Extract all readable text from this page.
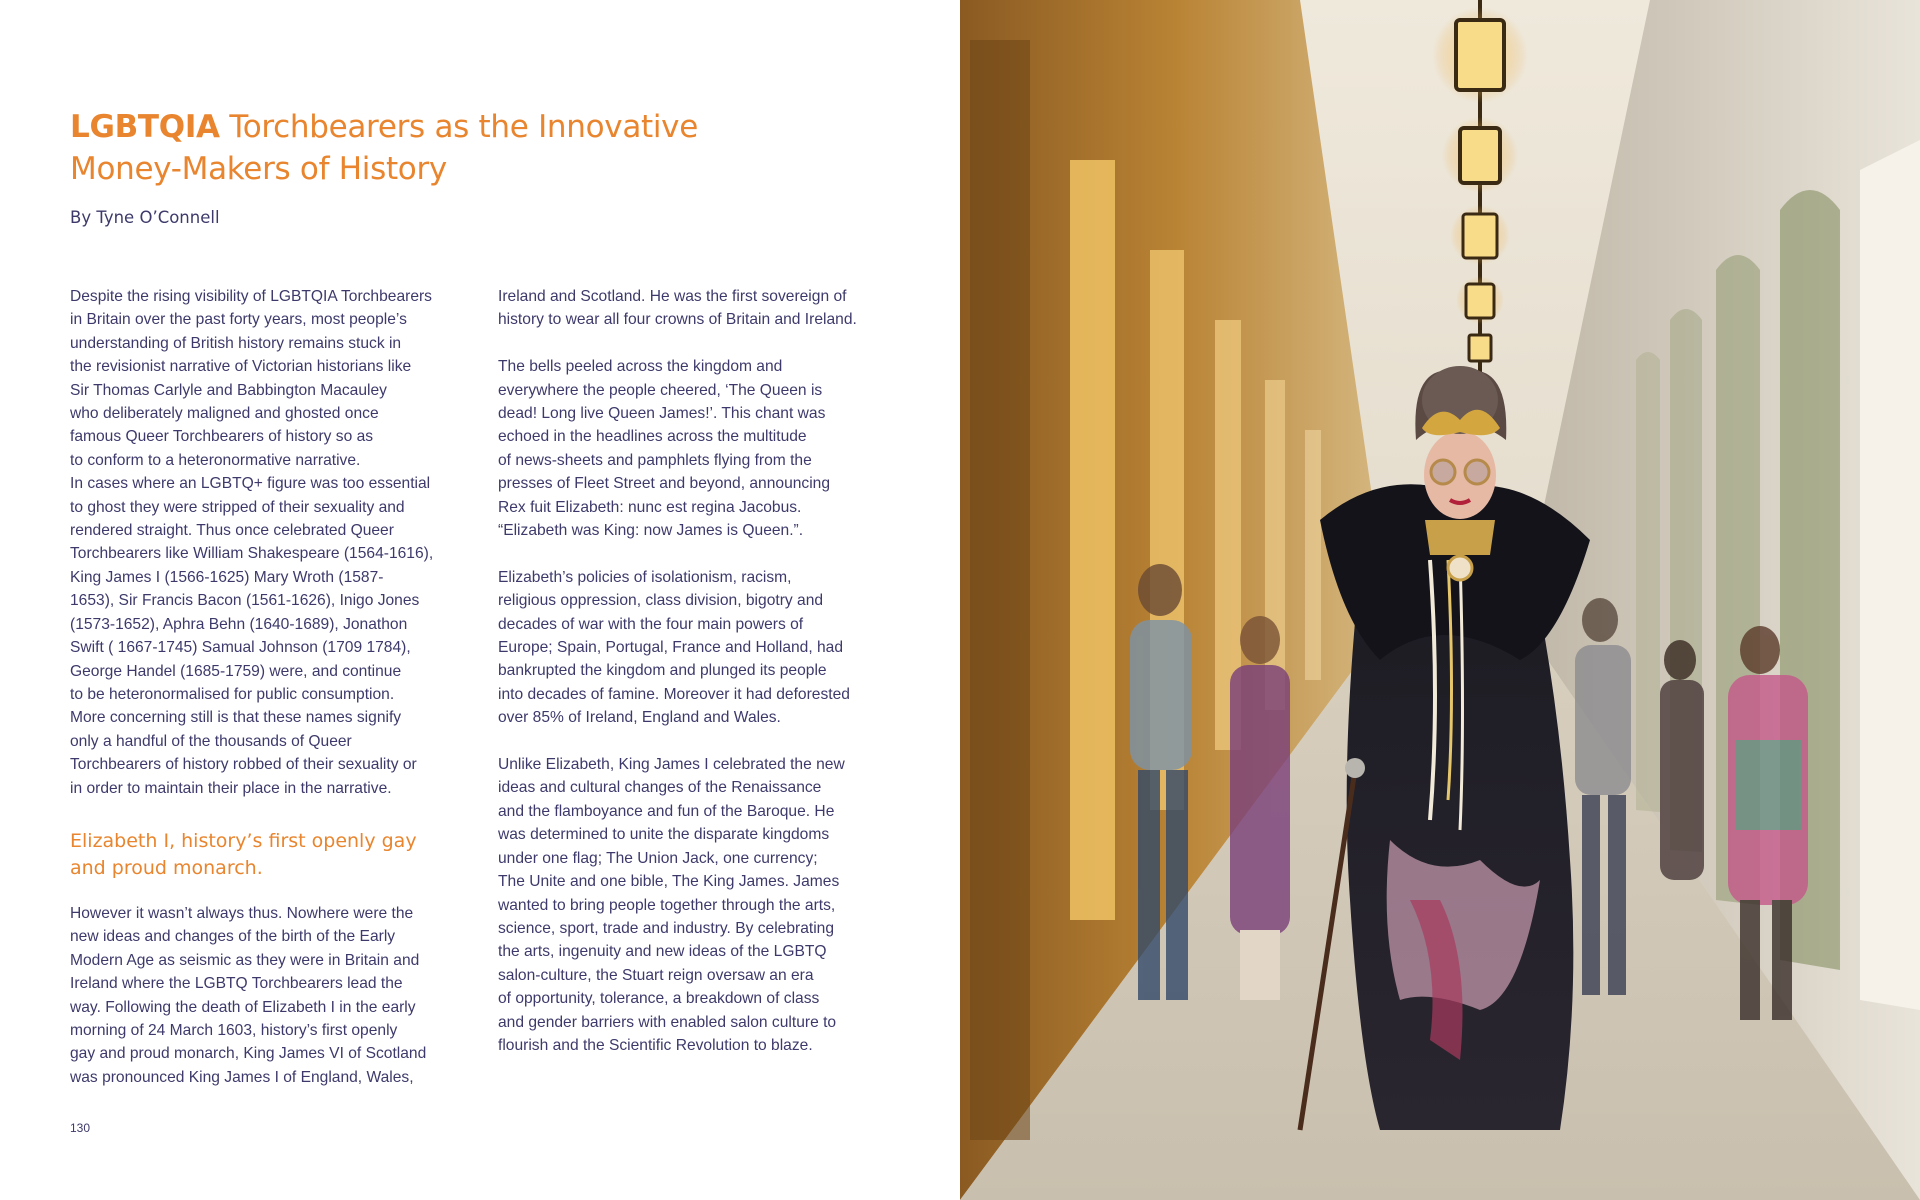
LGBTQIA Torchbearers as the Innovative Money-Makers of History
By Tyne O’Connell

Despite the rising visibility of LGBTQIA Torchbearers
in Britain over the past forty years, most people’s
understanding of British history remains stuck in
the revisionist narrative of Victorian historians like
Sir Thomas Carlyle and Babbington Macauley
who deliberately maligned and ghosted once
famous Queer Torchbearers of history so as
to conform to a heteronormative narrative.
In cases where an LGBTQ+ figure was too essential
to ghost they were stripped of their sexuality and
rendered straight. Thus once celebrated Queer
Torchbearers like William Shakespeare (1564-1616),
King James I (1566-1625) Mary Wroth (1587-
1653), Sir Francis Bacon (1561-1626), Inigo Jones
(1573-1652), Aphra Behn (1640-1689), Jonathon
Swift ( 1667-1745) Samual Johnson (1709 1784),
George Handel (1685-1759) were, and continue
to be heteronormalised for public consumption.
More concerning still is that these names signify
only a handful of the thousands of Queer
Torchbearers of history robbed of their sexuality or
in order to maintain their place in the narrative.

Elizabeth I, history’s first openly gay
and proud monarch.

However it wasn’t always thus. Nowhere were the
new ideas and changes of the birth of the Early
Modern Age as seismic as they were in Britain and
Ireland where the LGBTQ Torchbearers lead the
way. Following the death of Elizabeth I in the early
morning of 24 March 1603, history’s first openly
gay and proud monarch, King James VI of Scotland
was pronounced King James I of England, Wales,

Ireland and Scotland. He was the first sovereign of
history to wear all four crowns of Britain and Ireland.

The bells peeled across the kingdom and
everywhere the people cheered, ‘The Queen is
dead! Long live Queen James!’. This chant was
echoed in the headlines across the multitude
of news-sheets and pamphlets flying from the
presses of Fleet Street and beyond, announcing
Rex fuit Elizabeth: nunc est regina Jacobus.
“Elizabeth was King: now James is Queen.”.

Elizabeth’s policies of isolationism, racism,
religious oppression, class division, bigotry and
decades of war with the four main powers of
Europe; Spain, Portugal, France and Holland, had
bankrupted the kingdom and plunged its people
into decades of famine. Moreover it had deforested
over 85% of Ireland, England and Wales.

Unlike Elizabeth, King James I celebrated the new
ideas and cultural changes of the Renaissance
and the flamboyance and fun of the Baroque. He
was determined to unite the disparate kingdoms
under one flag; The Union Jack, one currency;
The Unite and one bible, The King James. James
wanted to bring people together through the arts,
science, sport, trade and industry. By celebrating
the arts, ingenuity and new ideas of the LGBTQ
salon-culture, the Stuart reign oversaw an era
of opportunity, tolerance, a breakdown of class
and gender barriers with enabled salon culture to
flourish and the Scientific Revolution to blaze.

130
